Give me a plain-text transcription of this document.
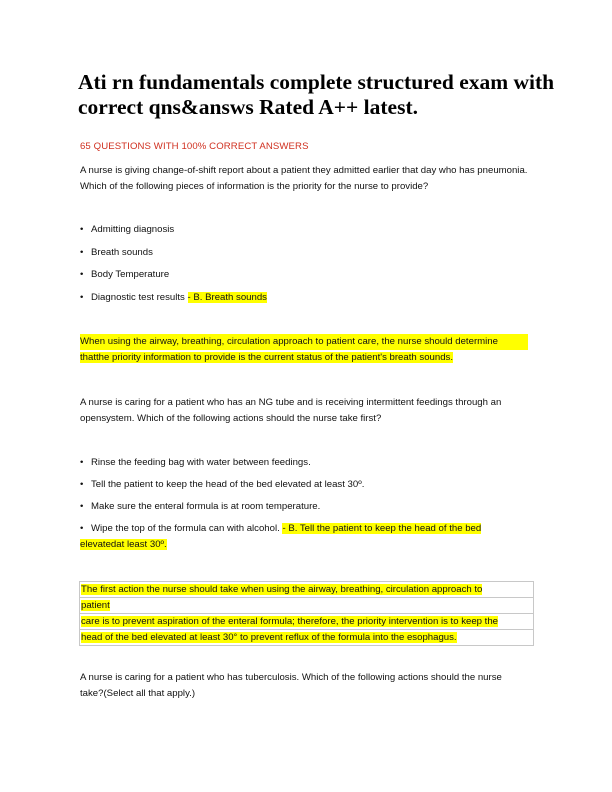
Ati rn fundamentals complete structured exam with correct qns&answs Rated A++ latest.
65 QUESTIONS WITH 100% CORRECT ANSWERS

A nurse is giving change-of-shift report about a patient they admitted earlier that day who has pneumonia. Which of the following pieces of information is the priority for the nurse to provide?

• Admitting diagnosis
• Breath sounds
• Body Temperature
• Diagnostic test results - B. Breath sounds
When using the airway, breathing, circulation approach to patient care, the nurse should determine
thatthe priority information to provide is the current status of the patient's breath sounds.

A nurse is caring for a patient who has an NG tube and is receiving intermittent feedings through an opensystem. Which of the following actions should the nurse take first?

• Rinse the feeding bag with water between feedings.
• Tell the patient to keep the head of the bed elevated at least 30º.
• Make sure the enteral formula is at room temperature.
• Wipe the top of the formula can with alcohol. - B. Tell the patient to keep the head of the bed
elevatedat least 30º.
The first action the nurse should take when using the airway, breathing, circulation approach to
patient
care is to prevent aspiration of the enteral formula; therefore, the priority intervention is to keep the
head of the bed elevated at least 30° to prevent reflux of the formula into the esophagus.
A nurse is caring for a patient who has tuberculosis. Which of the following actions should the nurse
take?(Select all that apply.)
